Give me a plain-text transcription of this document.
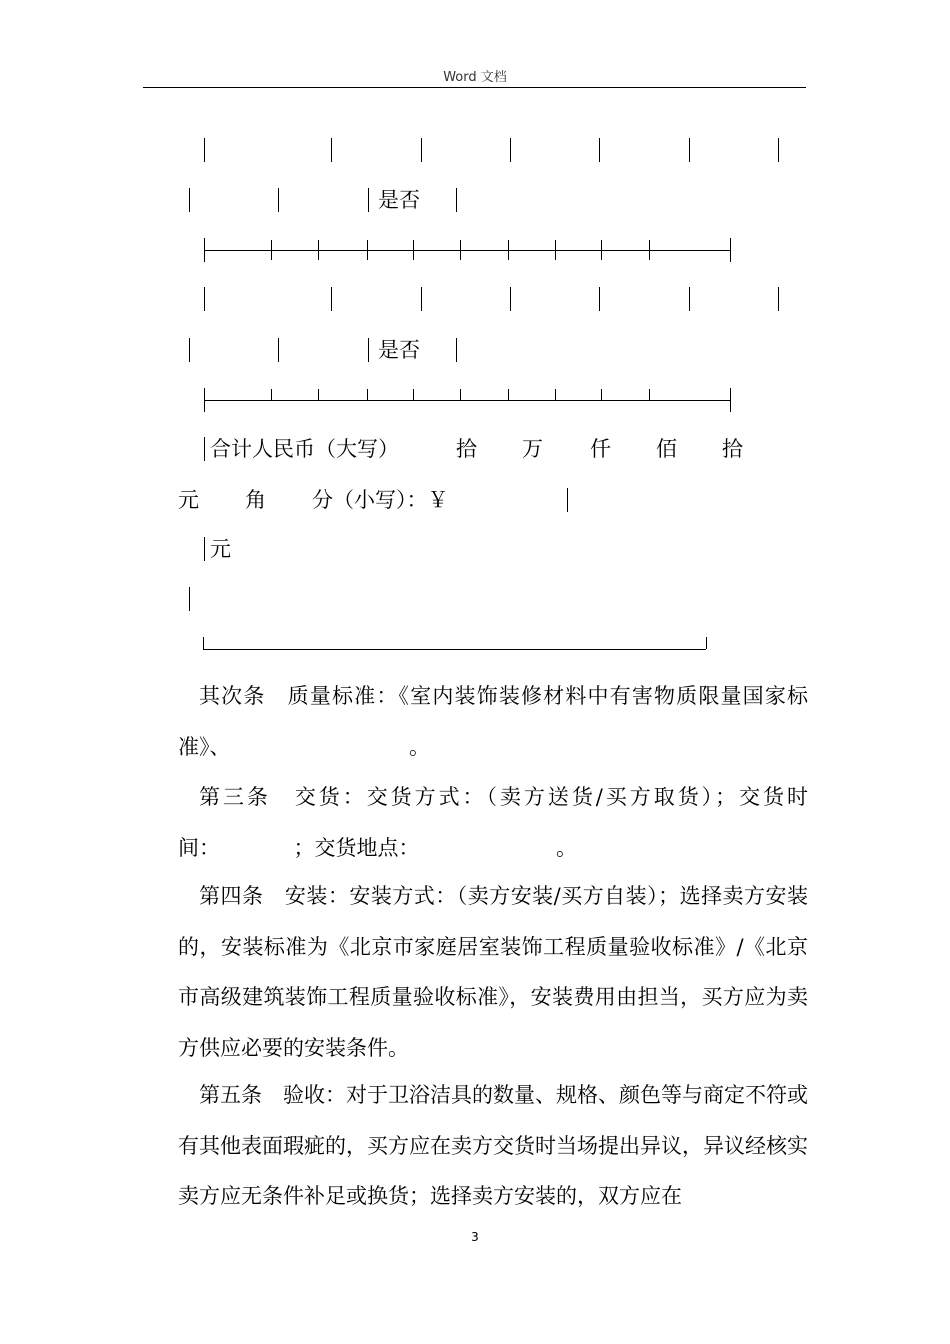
Word 文档
是否
是否
合计人民币（大写）	拾 万 仟 佰 拾
元 角 分（小写）：￥
元
其次条　质量标准：《室内装饰装修材料中有害物质限量国家标准》、　　　　　　　　　。
第三条　交货：交货方式：（卖方送货/买方取货）；交货时间：　　　　；交货地点：　　　　　　　。
第四条　安装：安装方式：（卖方安装/买方自装）；选择卖方安装的，安装标准为《北京市家庭居室装饰工程质量验收标准》/《北京市高级建筑装饰工程质量验收标准》，安装费用由担当，买方应为卖方供应必要的安装条件。
第五条　验收：对于卫浴洁具的数量、规格、颜色等与商定不符或有其他表面瑕疵的，买方应在卖方交货时当场提出异议，异议经核实卖方应无条件补足或换货；选择卖方安装的，双方应在
3
